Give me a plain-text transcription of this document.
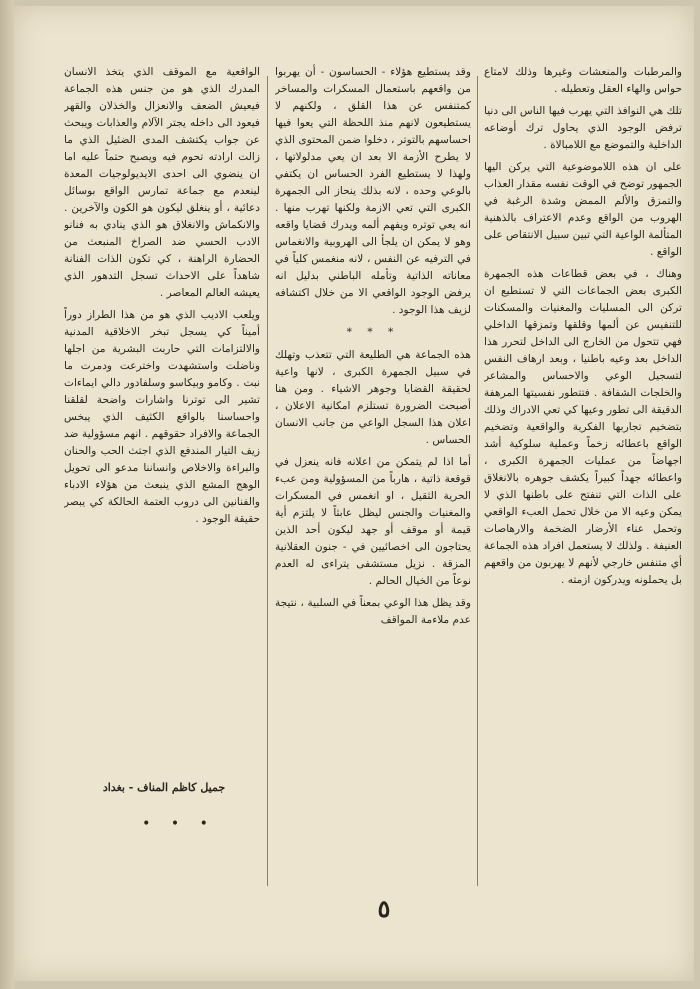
والمرطبات والمنعشات وغيرها وذلك لامتاع حواس والهاء العقل وتعطيله .

تلك هي النوافذ التي يهرب فيها الناس الى دنيا ترفض الوجود الذي يحاول ترك أوضاعه الداخلية والتموضع مع اللامبالاة .

على ان هذه اللاموضوعية التي يركن اليها الجمهور توضح في الوقت نفسه مقدار العذاب والتمزق والألم الممض وشدة الرغبة في الهروب من الواقع وعدم الاعتراف بالذهنية المتألمة الواعية التي تبين سبيل الانتقاص على الواقع .

وهناك ، في بعض قطاعات هذه الجمهرة الكبرى بعض الجماعات التي لا تستطيع ان تركن الى المسليات والمغنيات والمسكنات للتنفيس عن ألمها وقلقها وتمزقها الداخلي فهي تتحول من الخارج الى الداخل لتحرر هذا الداخل بعد وعيه باطنيا ، وبعد ارهاف النفس لتسجيل الوعي والاحساس والمشاعر والخلجات الشفافة . فتتطور نفسيتها المرهفة الدقيقة الى تطور وعيها كي تعي الادراك وذلك بتضخيم تجاربها الفكرية والواقعية وتضخيم الواقع باعطائه زخماً وعملية سلوكية أشد اجهاضاً من عمليات الجمهرة الكبرى ، واعطائه جهداً كبيراً يكشف جوهره بالانغلاق على الذات التي تنفتح على باطنها الذي لا يمكن وعيه الا من خلال تحمل العبء الواقعي وتحمل عناء الأرضار الضخمة والارهاصات العنيفة . ولذلك لا يستعمل افراد هذه الجماعة أي متنفس خارجي لأنهم لا يهربون من واقعهم بل يحملونه ويدركون ازمته .

وقد يستطيع هؤلاء - الحساسون - أن يهربوا من واقعهم باستعمال المسكرات والمساخر كمتنفس عن هذا القلق ، ولكنهم لا يستطيعون لانهم منذ اللحظة التي يعوا فيها احساسهم بالتوتر ، دخلوا ضمن المحتوى الذي لا يطرح الأزمة الا بعد ان يعي مدلولاتها ، ولهذا لا يستطيع الفرد الحساس ان يكتفي بالوعي وحده ، لانه بذلك ينحاز الى الجمهرة الكبرى التي تعي الازمة ولكنها تهرب منها . انه يعي توتره ويفهم ألمه ويدرك قضايا واقعه وهو لا يمكن ان يلجأ الى الهروبية والانغماس في الترفيه عن النفس ، لانه منغمس كلياً في معاناته الذاتية وتأمله الباطني بدليل انه يرفض الوجود الواقعي الا من خلال اكتشافه لزيف هذا الوجود .

* * *

هذه الجماعة هي الطليعة التي تتعذب وتهلك في سبيل الجمهرة الكبرى ، لانها واعية لحقيقة القضايا وجوهر الاشياء . ومن هنا أصبحت الضرورة تستلزم امكانية الاعلان ، اعلان هذا السجل الواعي من جانب الانسان الحساس .

أما اذا لم يتمكن من اعلانه فانه ينعزل في قوقعة ذاتية ، هارباً من المسؤولية ومن عبء الحرية الثقيل ، او انغمس في المسكرات والمغنيات والجنس ليظل عابثاً لا يلتزم أية قيمة أو موقف أو جهد ليكون أحد الذين يحتاجون الى اخصائيين في - جنون العقلانية المزقة . نزيل مستشفى يتراءى له العدم نوعاً من الخيال الحالم .

وقد يظل هذا الوعي بمعناً في السلبية ، نتيجة عدم ملاءمة المواقف

الواقعية مع الموقف الذي يتخذ الانسان المدرك الذي هو من جنس هذه الجماعة فيعيش الضعف والانعزال والخذلان والقهر فيعود الى داخله يجتر الآلام والعذابات ويبحث عن جواب يكتشف المدى الضئيل الذي ما زالت ارادته تحوم فيه ويصبح حتماً عليه اما ان ينضوي الى احدى الايديولوجيات المعدة لينعدم مع جماعة تمارس الواقع بوسائل دعائية ، أو ينغلق ليكون هو الكون والآخرين . والانكماش والانغلاق هو الذي ينادي به فنانو الادب الحسي ضد الصراخ المنبعث من الحضارة الراهنة ، كي تكون الذات الفنانة شاهداً على الاحداث تسجل التدهور الذي يعيشه العالم المعاصر .

ويلعب الاديب الذي هو من هذا الطراز دوراً أميناً كي يسجل تبخر الاخلاقية المدنية والالتزامات التي حاربت البشرية من اجلها وناضلت واستشهدت واخترعت ودمرت ما نبت . وكامو وبيكاسو وسلفادور دالي ايماءات تشير الى توترنا واشارات واضحة لقلقنا واحساسنا بالواقع الكثيف الذي يبخس الجماعة والافراد حقوقهم . انهم مسؤولية ضد زيف التيار المندفع الذي اجتث الحب والحنان والبراءة والاخلاص وانساننا مدعو الى تحويل الوهج المشع الذي ينبعث من هؤلاء الادباء والفنانين الى دروب العتمة الحالكة كي يبصر حقيقة الوجود .

جميل كاظم المناف - بغداد
• • •
٥
